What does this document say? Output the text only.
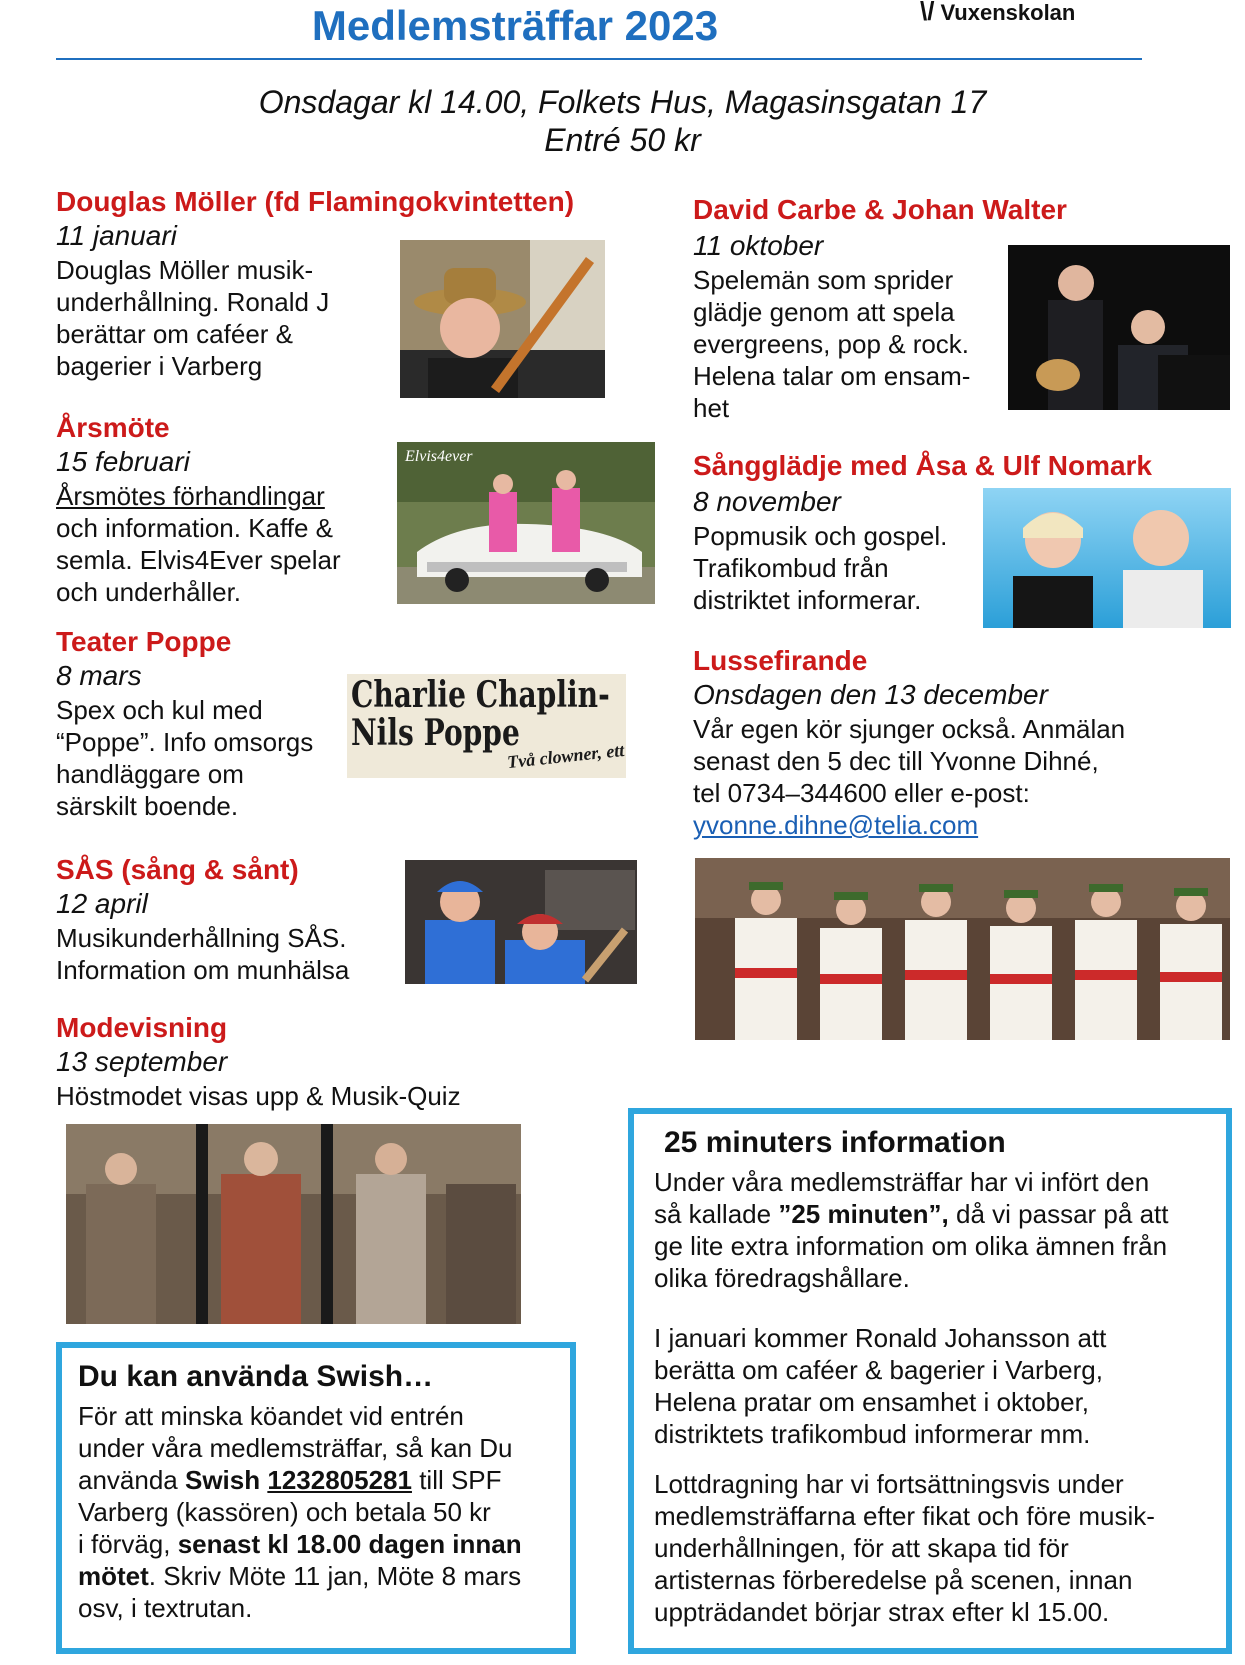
Medlemsträffar 2023	\/ Vuxenskolan
Onsdagar kl 14.00, Folkets Hus, Magasinsgatan 17
Entré 50 kr
Douglas Möller (fd Flamingokvintetten)
11 januari
Douglas Möller musik-
underhållning. Ronald J
berättar om caféer &
bagerier i Varberg
Årsmöte
15 februari
Årsmötes förhandlingar
och information. Kaffe &
semla. Elvis4Ever spelar
och underhåller.
Elvis4ever
Teater Poppe
8 mars
Spex och kul med
“Poppe”. Info omsorgs
handläggare om
särskilt boende.
Charlie Chaplin-
Nils Poppe
Två clowner, ett
SÅS (sång & sånt)
12 april
Musikunderhållning SÅS.
Information om munhälsa
Modevisning
13 september
Höstmodet visas upp & Musik-Quiz
David Carbe & Johan Walter
11 oktober
Spelemän som sprider
glädje genom att spela
evergreens, pop & rock.
Helena talar om ensam-
het
Sångglädje med Åsa & Ulf Nomark
8 november
Popmusik och gospel.
Trafikombud från
distriktet informerar.
Lussefirande
Onsdagen den 13 december
Vår egen kör sjunger också. Anmälan
senast den 5 dec till Yvonne Dihné,
tel 0734–344600 eller e-post:
yvonne.dihne@telia.com
Du kan använda Swish…
För att minska köandet vid entrén
under våra medlemsträffar, så kan Du
använda Swish 1232805281 till SPF
Varberg (kassören) och betala 50 kr
i förväg, senast kl 18.00 dagen innan
mötet. Skriv Möte 11 jan, Möte 8 mars
osv, i textrutan.
25 minuters information
Under våra medlemsträffar har vi infört den
så kallade ”25 minuten”, då vi passar på att
ge lite extra information om olika ämnen från
olika föredragshållare.
I januari kommer Ronald Johansson att
berätta om caféer & bagerier i Varberg,
Helena pratar om ensamhet i oktober,
distriktets trafikombud informerar mm.
Lottdragning har vi fortsättningsvis under
medlemsträffarna efter fikat och före musik-
underhållningen, för att skapa tid för
artisternas förberedelse på scenen, innan
uppträdandet börjar strax efter kl 15.00.
